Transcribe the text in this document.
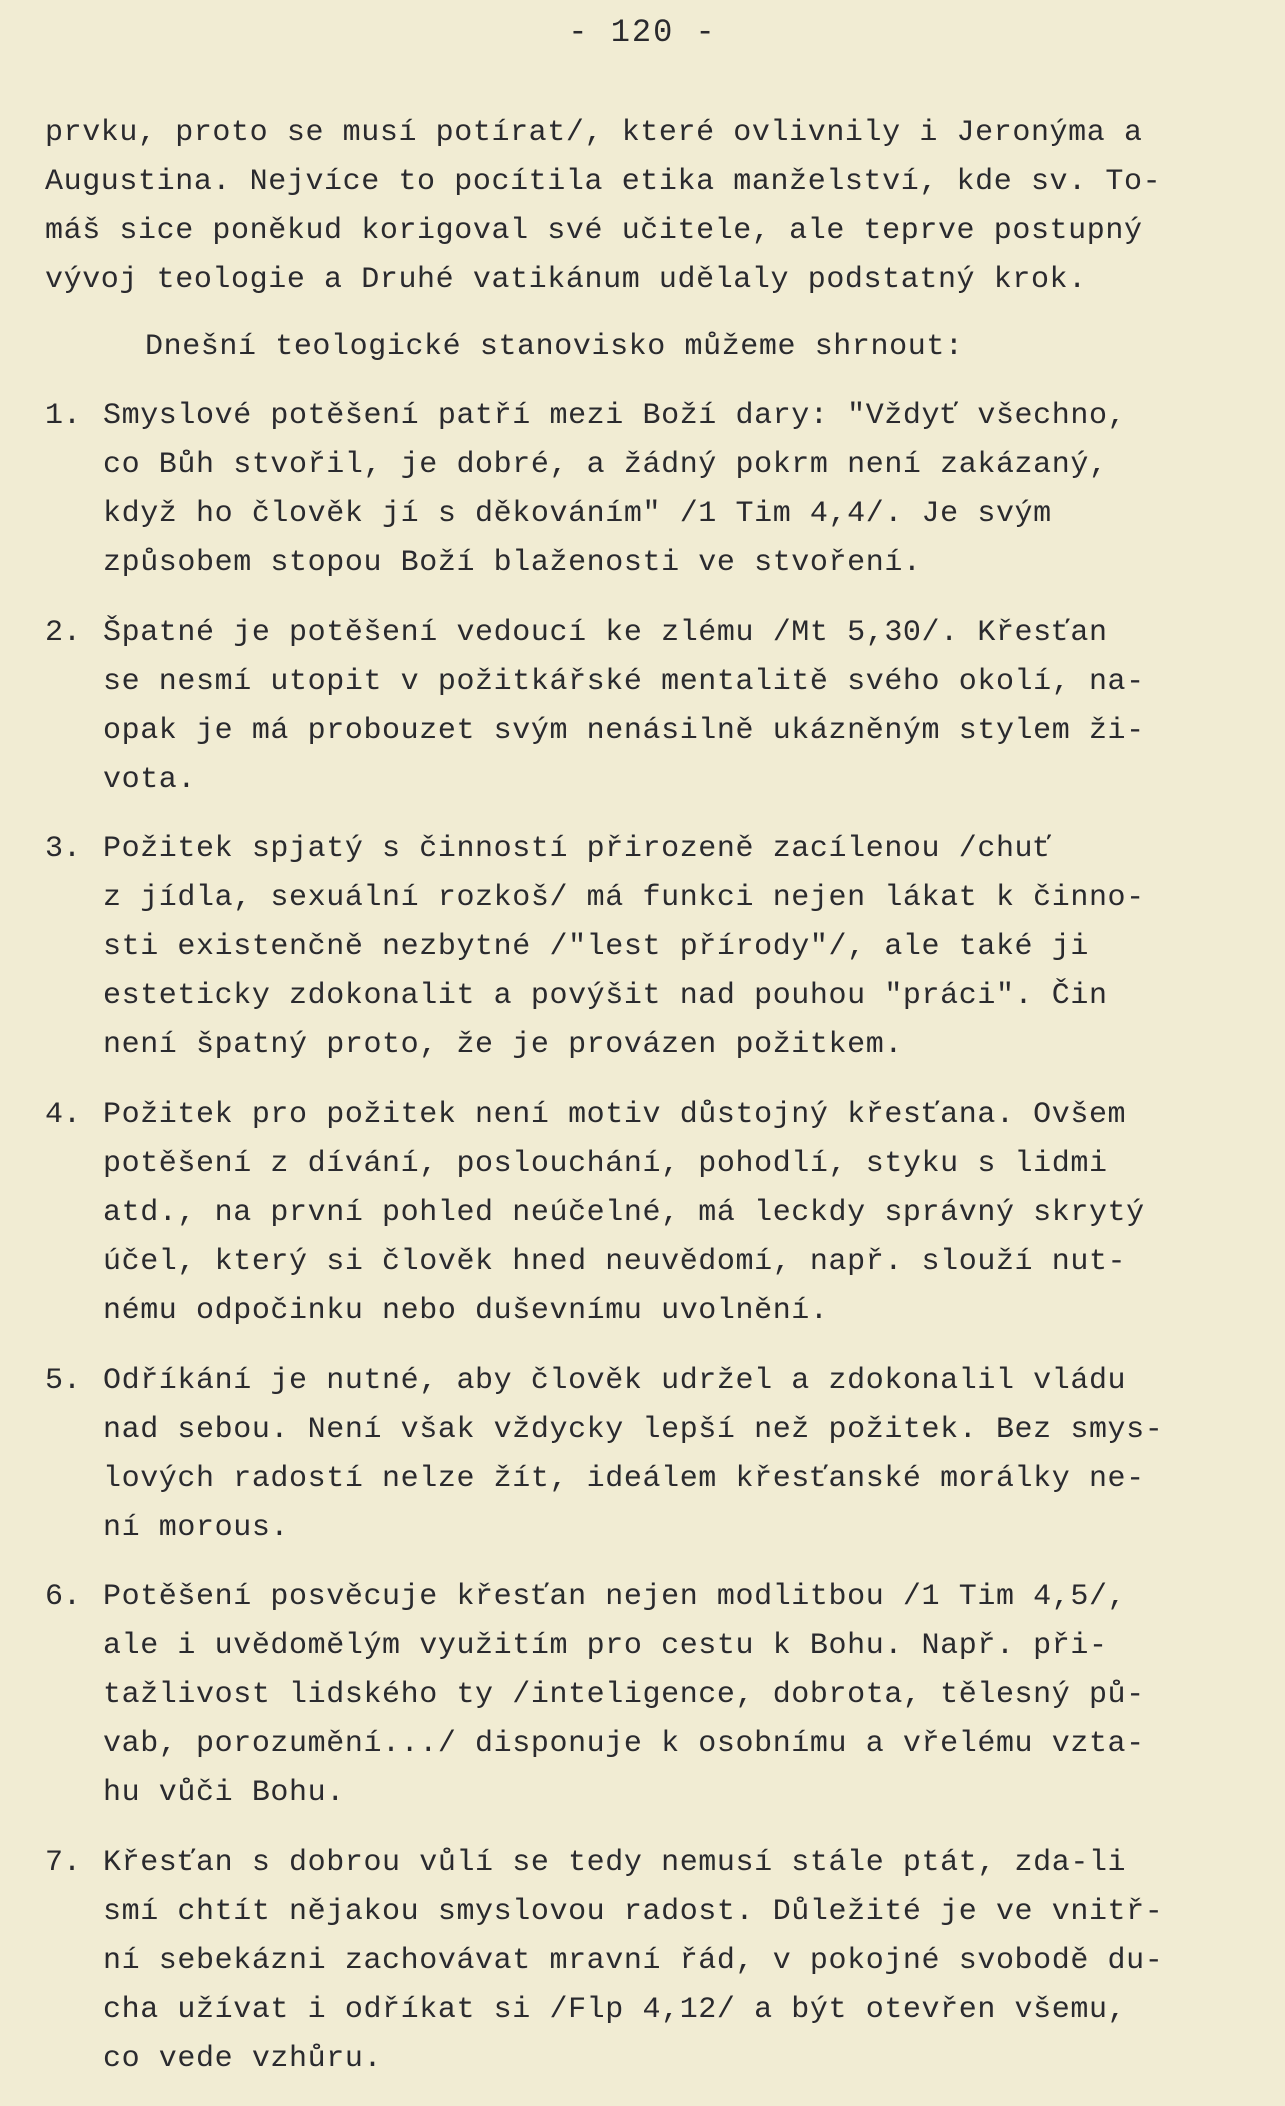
- 120 -
prvku, proto se musí potírat/, které ovlivnily i Jeronýma a
Augustina. Nejvíce to pocítila etika manželství, kde sv. To-
máš sice poněkud korigoval své učitele, ale teprve postupný
vývoj teologie a Druhé vatikánum udělaly podstatný krok.
Dnešní teologické stanovisko můžeme shrnout:
1. Smyslové potěšení patří mezi Boží dary: "Vždyť všechno,
co Bůh stvořil, je dobré, a žádný pokrm není zakázaný,
když ho člověk jí s děkováním" /1 Tim 4,4/. Je svým
způsobem stopou Boží blaženosti ve stvoření.
2. Špatné je potěšení vedoucí ke zlému /Mt 5,30/. Křesťan
se nesmí utopit v požitkářské mentalitě svého okolí, na-
opak je má probouzet svým nenásilně ukázněným stylem ži-
vota.
3. Požitek spjatý s činností přirozeně zacílenou /chuť
z jídla, sexuální rozkoš/ má funkci nejen lákat k činno-
sti existenčně nezbytné /"lest přírody"/, ale také ji
esteticky zdokonalit a povýšit nad pouhou "práci". Čin
není špatný proto, že je provázen požitkem.
4. Požitek pro požitek není motiv důstojný křesťana. Ovšem
potěšení z dívání, poslouchání, pohodlí, styku s lidmi
atd., na první pohled neúčelné, má leckdy správný skrytý
účel, který si člověk hned neuvědomí, např. slouží nut-
nému odpočinku nebo duševnímu uvolnění.
5. Odříkání je nutné, aby člověk udržel a zdokonalil vládu
nad sebou. Není však vždycky lepší než požitek. Bez smys-
lových radostí nelze žít, ideálem křesťanské morálky ne-
ní morous.
6. Potěšení posvěcuje křesťan nejen modlitbou /1 Tim 4,5/,
ale i uvědomělým využitím pro cestu k Bohu. Např. při-
tažlivost lidského ty /inteligence, dobrota, tělesný pů-
vab, porozumění.../ disponuje k osobnímu a vřelému vzta-
hu vůči Bohu.
7. Křesťan s dobrou vůlí se tedy nemusí stále ptát, zda-li
smí chtít nějakou smyslovou radost. Důležité je ve vnitř-
ní sebekázni zachovávat mravní řád, v pokojné svobodě du-
cha užívat i odříkat si /Flp 4,12/ a být otevřen všemu,
co vede vzhůru.
